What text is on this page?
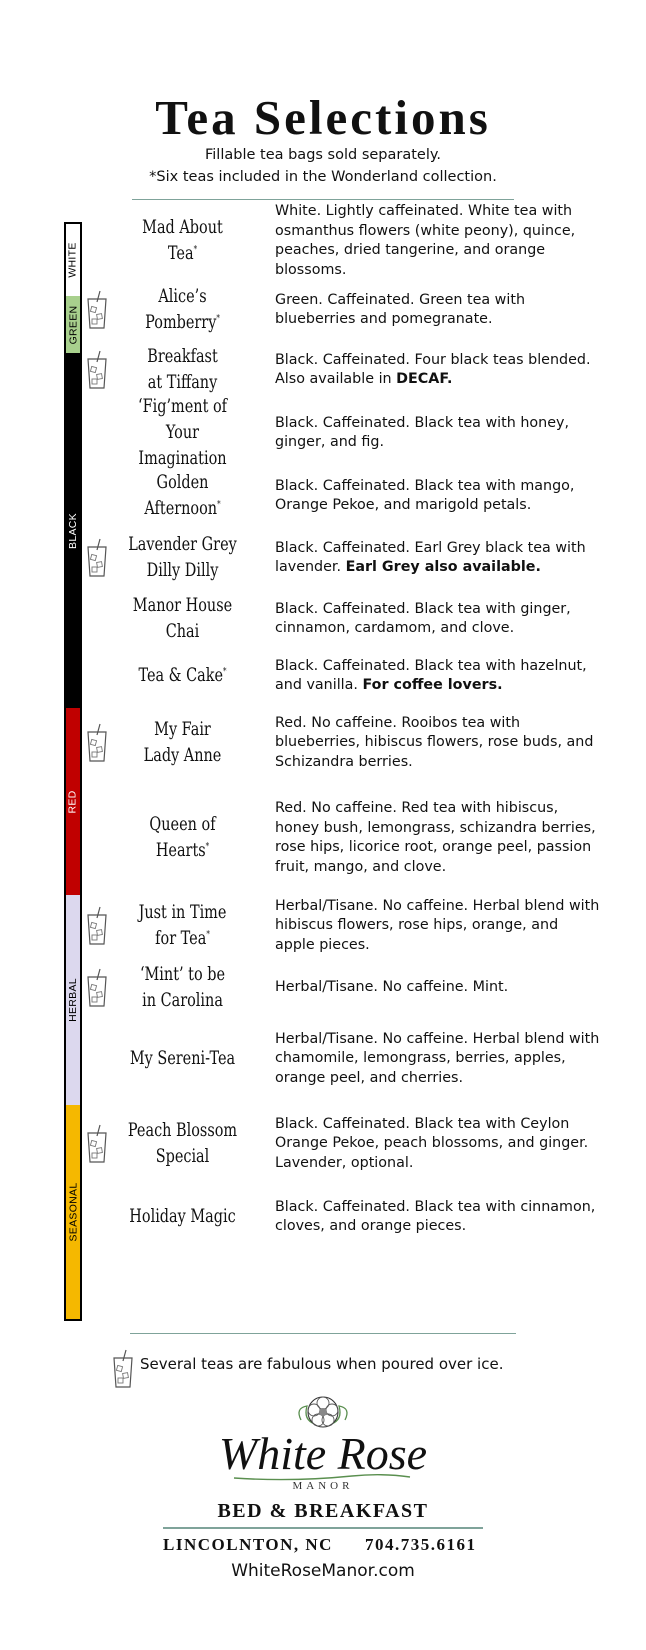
Tea Selections
Fillable tea bags sold separately.
*Six teas included in the Wonderland collection.
WHITE
GREEN
BLACK
RED
HERBAL
SEASONAL
Mad About Tea*
White. Lightly caffeinated. White tea with osmanthus flowers (white peony), quince, peaches, dried tangerine, and orange blossoms.
Alice’s Pomberry*
Green. Caffeinated. Green tea with blueberries and pomegranate.
Breakfast
at Tiffany
Black. Caffeinated. Four black teas blended. Also available in DECAF.
‘Fig’ment of
Your Imagination
Black. Caffeinated. Black tea with honey, ginger, and fig.
Golden Afternoon*
Black. Caffeinated. Black tea with mango, Orange Pekoe, and marigold petals.
Lavender Grey
Dilly Dilly
Black. Caffeinated. Earl Grey black tea with lavender. Earl Grey also available.
Manor House Chai
Black. Caffeinated. Black tea with ginger, cinnamon, cardamom, and clove.
Tea & Cake*	Black. Caffeinated. Black tea with hazelnut, and vanilla. For coffee lovers.
My Fair
Lady Anne
Red. No caffeine. Rooibos tea with blueberries, hibiscus flowers, rose buds, and Schizandra berries.
Queen of Hearts*
Red. No caffeine. Red tea with hibiscus, honey bush, lemongrass, schizandra berries, rose hips, licorice root, orange peel, passion fruit, mango, and clove.
Just in Time
for Tea*
Herbal/Tisane. No caffeine. Herbal blend with hibiscus flowers, rose hips, orange, and apple pieces.
‘Mint’ to be
in Carolina
Herbal/Tisane. No caffeine. Mint.
My Sereni-Tea
Herbal/Tisane. No caffeine. Herbal blend with chamomile, lemongrass, berries, apples, orange peel, and cherries.
Peach Blossom
Special
Black. Caffeinated. Black tea with Ceylon Orange Pekoe, peach blossoms, and ginger. Lavender, optional.
Holiday Magic	Black. Caffeinated. Black tea with cinnamon, cloves, and orange pieces.
Several teas are fabulous when poured over ice.
White Rose
MANOR
BED & BREAKFAST
LINCOLNTON, NC 704.735.6161
WhiteRoseManor.com
